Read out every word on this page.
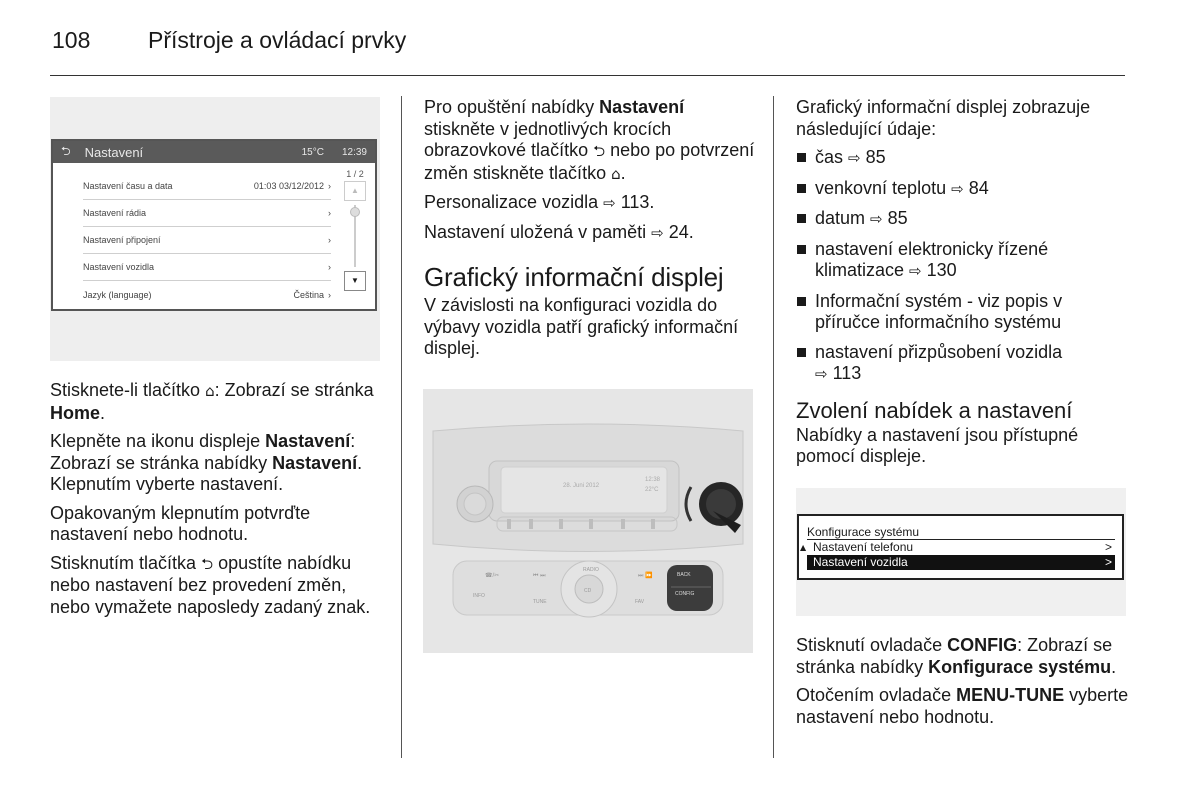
108	Přístroje a ovládací prvky
⮌ Nastavení	15°C 12:39
Nastavení času a data	01:03 03/12/2012 ›
Nastavení rádia	›
Nastavení připojení	›
Nastavení vozidla	›
Jazyk (language)	Čeština ›
1 / 2
▲
▼

Stisknete-li tlačítko ⌂: Zobrazí se stránka Home.

Klepněte na ikonu displeje Nastavení: Zobrazí se stránka nabídky Nastavení. Klepnutím vyberte nastavení.

Opakovaným klepnutím potvrďte nastavení nebo hodnotu.

Stisknutím tlačítka ⮌ opustíte nabídku nebo nastavení bez provedení změn, nebo vymažete naposledy zadaný znak.

Pro opuštění nabídky Nastavení stiskněte v jednotlivých krocích obrazovkové tlačítko ⮌ nebo po potvrzení změn stiskněte tlačítko ⌂.

Personalizace vozidla ⇨ 113.

Nastavení uložená v paměti ⇨ 24.

Grafický informační displej

V závislosti na konfiguraci vozidla do výbavy vozidla patří grafický informační displej.

28. Juni 2012
12:38
22°C
☎/✂
INFO
⏮ ⏭
TUNE
RADIO
CD
⏭ ⏩
FAV
BACK
CONFIG

Grafický informační displej zobrazuje následující údaje:

čas ⇨ 85
venkovní teplotu ⇨ 84
datum ⇨ 85
nastavení elektronicky řízené klimatizace ⇨ 130
Informační systém - viz popis v příručce informačního systému
nastavení přizpůsobení vozidla
⇨ 113
Zvolení nabídek a nastavení

Nabídky a nastavení jsou přístupné pomocí displeje.

Konfigurace systému
▲ Nastavení telefonu	>
Nastavení vozidla	>

Stisknutí ovladače CONFIG: Zobrazí se stránka nabídky Konfigurace systému.

Otočením ovladače MENU-TUNE vyberte nastavení nebo hodnotu.
